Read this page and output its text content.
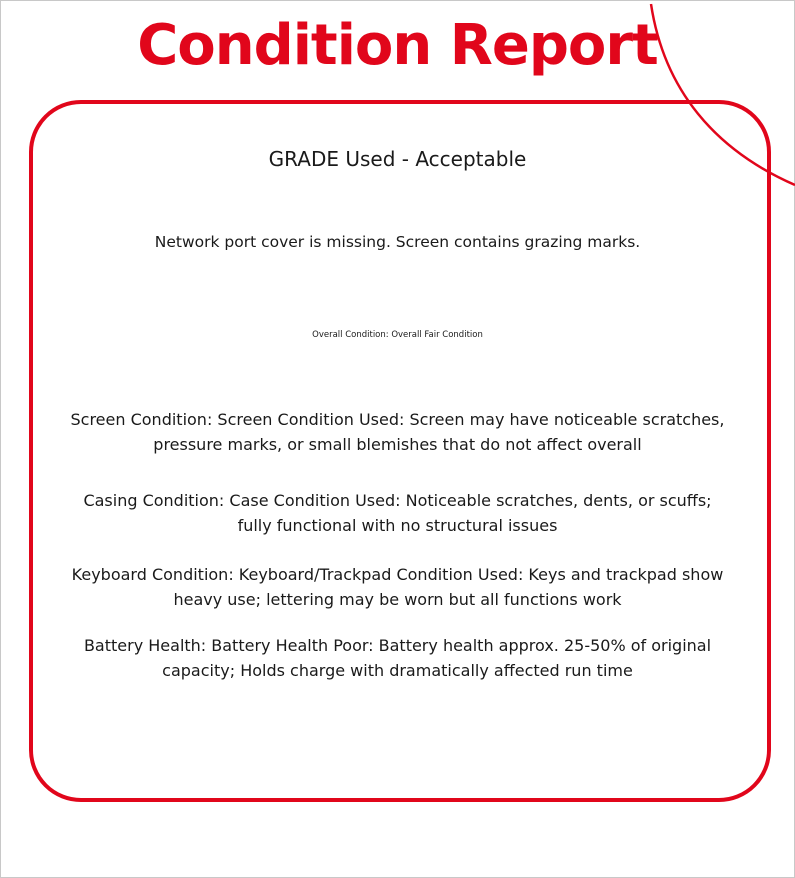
Condition Report
GRADE Used - Acceptable
Network port cover is missing. Screen contains grazing marks.
Overall Condition: Overall Fair Condition

Screen Condition: Screen Condition Used: Screen may have noticeable scratches, pressure marks, or small blemishes that do not affect overall

Casing Condition: Case Condition Used: Noticeable scratches, dents, or scuffs; fully functional with no structural issues

Keyboard Condition: Keyboard/Trackpad Condition Used: Keys and trackpad show heavy use; lettering may be worn but all functions work

Battery Health: Battery Health Poor: Battery health approx. 25-50% of original capacity; Holds charge with dramatically affected run time
